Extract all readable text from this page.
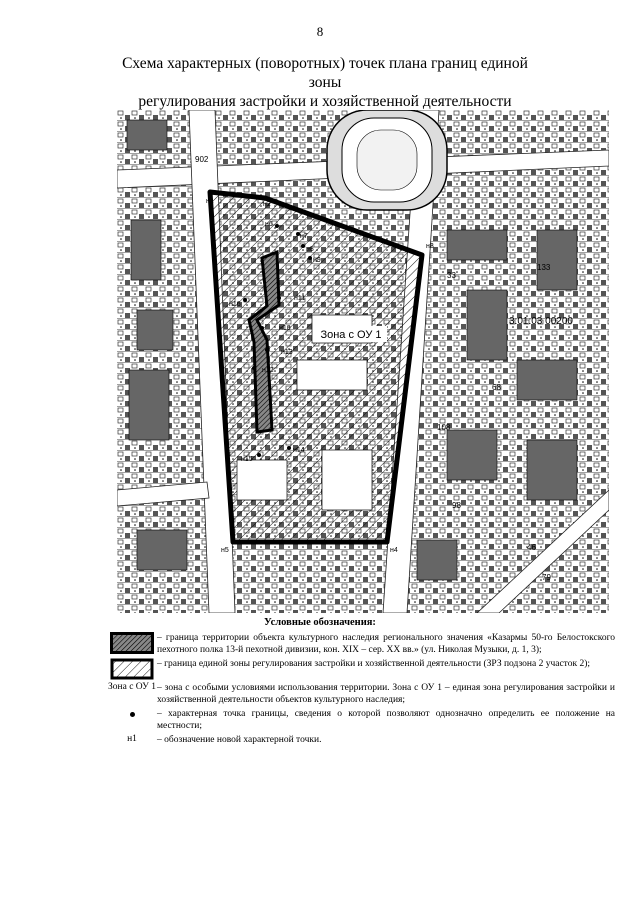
8
Схема характерных (поворотных) точек плана границ единой зоны
регулирования застройки и хозяйственной деятельности
Зона с ОУ 1
3:01:03 00200
н1	н2
н3
н4
н5
н6
н7
н8
н9
н10
н11
н12
н13
н14
н15
н16
902
33
133
108
98
79
68
46
Условные обозначения:
– граница территории объекта культурного наследия регионального значения «Казармы 50-го Белостокского пехотного полка 13-й пехотной дивизии, кон. XIX – сер. XX вв.» (ул. Николая Музыки, д. 1, 3);
– граница единой зоны регулирования застройки и хозяйственной деятельности (ЗРЗ подзона 2 участок 2);
Зона с ОУ 1 – зона с особыми условиями использования территории. Зона с ОУ 1 – единая зона регулирования застройки и хозяйственной деятельности объектов культурного наследия;
– характерная точка границы, сведения о которой позволяют однозначно определить ее положение на местности;
н1	– обозначение новой характерной точки.
